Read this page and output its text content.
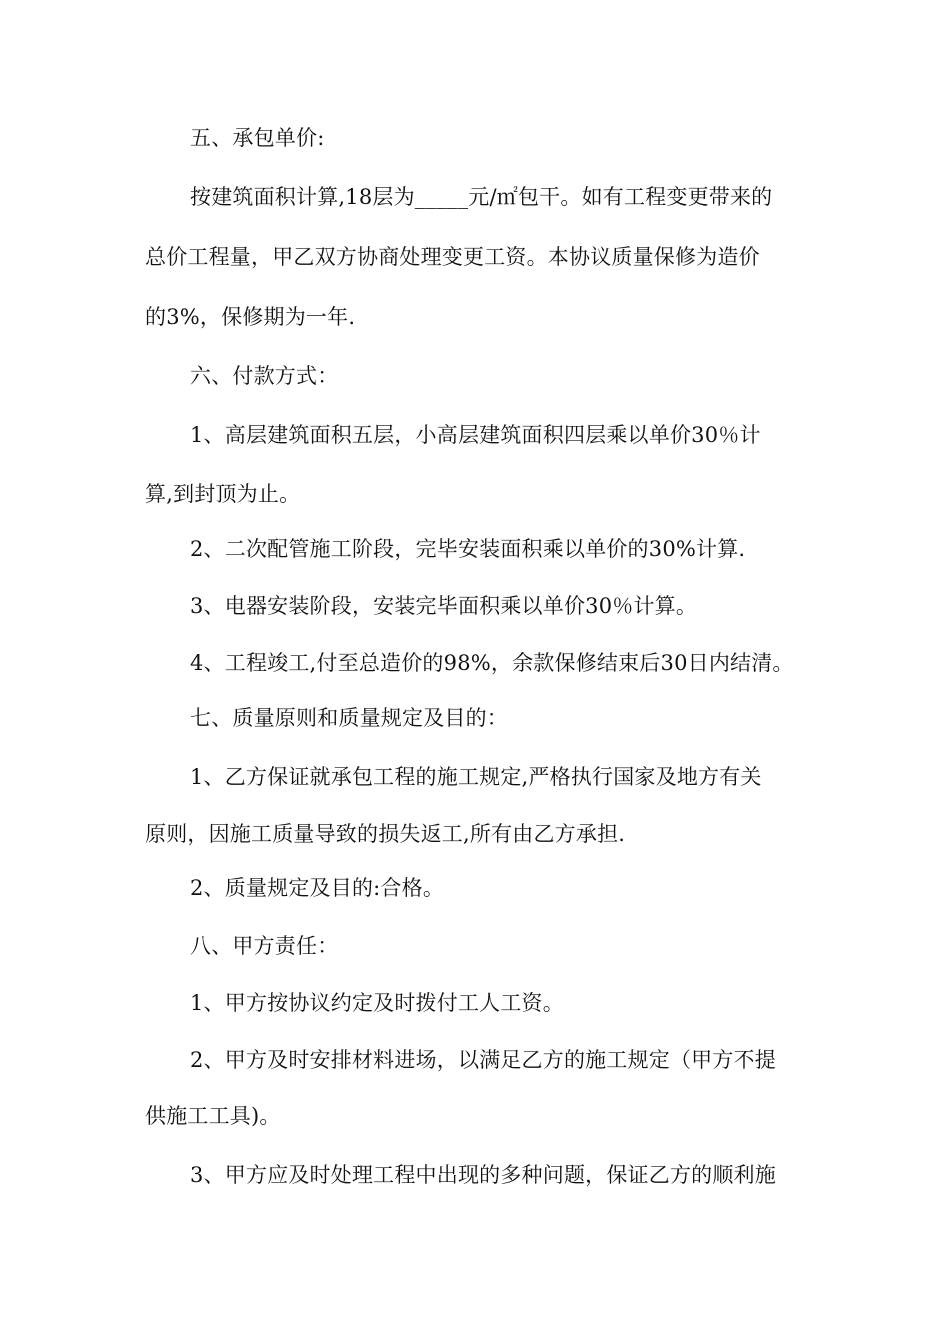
五、承包单价:
按建筑面积计算,18层为_____元/㎡包干。如有工程变更带来的
总价工程量，甲乙双方协商处理变更工资。本协议质量保修为造价
的3%，保修期为一年.
六、付款方式：
1、高层建筑面积五层，小高层建筑面积四层乘以单价30％计
算,到封顶为止。
2、二次配管施工阶段，完毕安装面积乘以单价的30%计算.
3、电器安装阶段，安装完毕面积乘以单价30％计算。
4、工程竣工,付至总造价的98%，余款保修结束后30日内结清。
七、质量原则和质量规定及目的：
1、乙方保证就承包工程的施工规定,严格执行国家及地方有关
原则，因施工质量导致的损失返工,所有由乙方承担.
2、质量规定及目的:合格。
八、甲方责任：
1、甲方按协议约定及时拨付工人工资。
2、甲方及时安排材料进场，以满足乙方的施工规定（甲方不提
供施工工具)。
3、甲方应及时处理工程中出现的多种问题，保证乙方的顺利施
